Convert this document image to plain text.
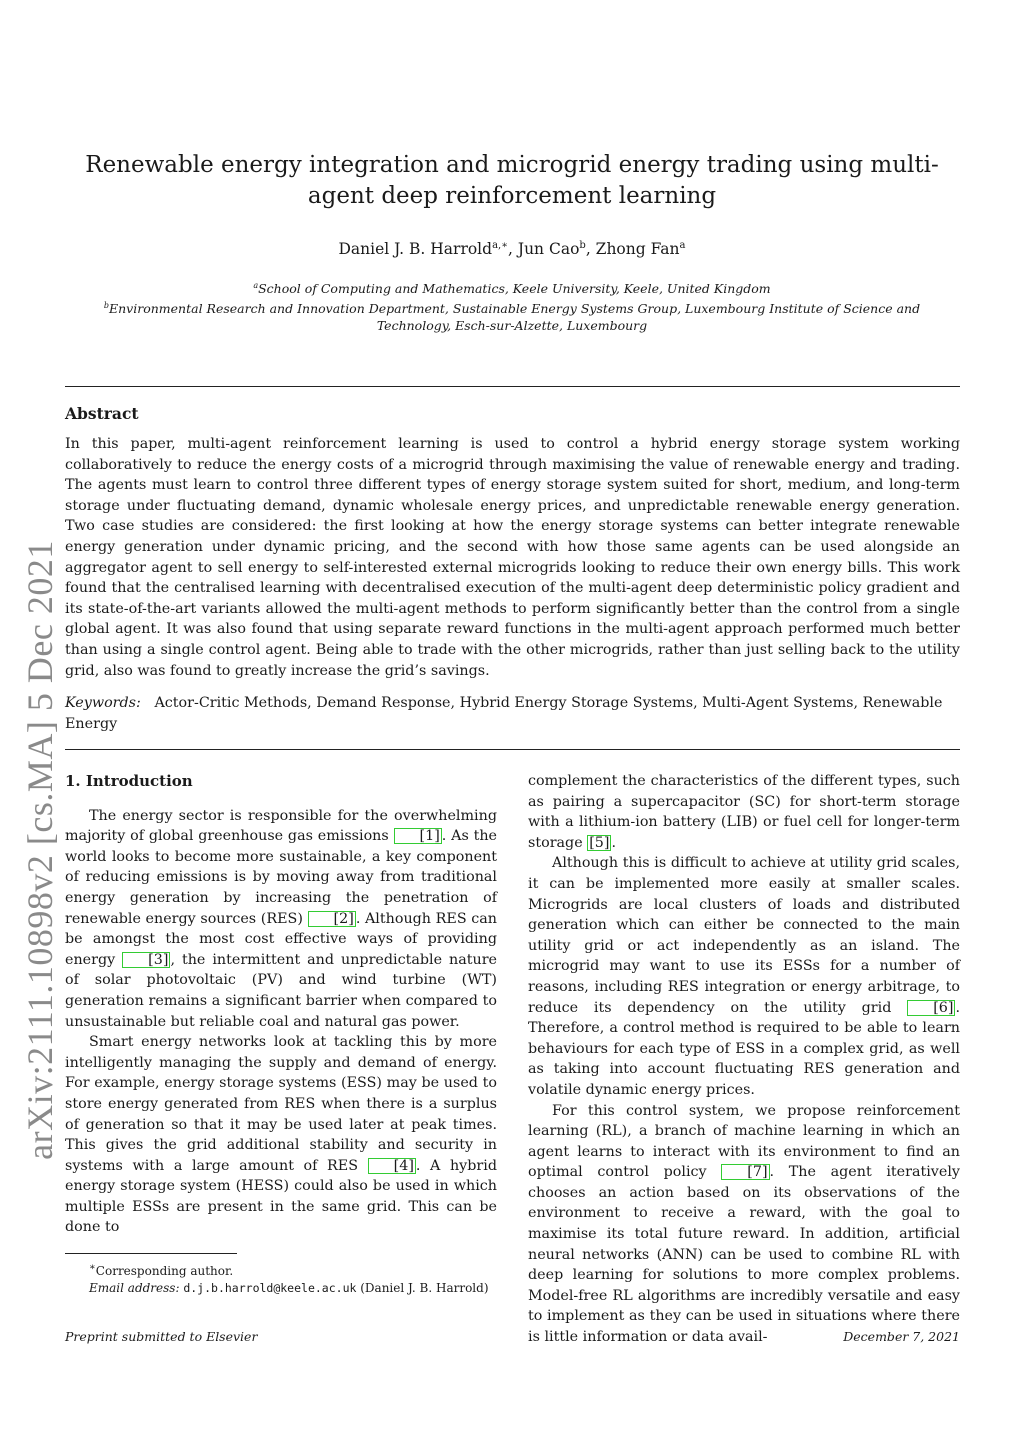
arXiv:2111.10898v2 [cs.MA] 5 Dec 2021
Renewable energy integration and microgrid energy trading using multi-agent deep reinforcement learning
Daniel J. B. Harrold$^{a,∗}$, Jun Cao$^b$, Zhong Fan$^a$
$^a$School of Computing and Mathematics, Keele University, Keele, United Kingdom
$^b$Environmental Research and Innovation Department, Sustainable Energy Systems Group, Luxembourg Institute of Science and Technology, Esch-sur-Alzette, Luxembourg
Abstract

In this paper, multi-agent reinforcement learning is used to control a hybrid energy storage system working collaboratively to reduce the energy costs of a microgrid through maximising the value of renewable energy and trading. The agents must learn to control three different types of energy storage system suited for short, medium, and long-term storage under fluctuating demand, dynamic wholesale energy prices, and unpredictable renewable energy generation. Two case studies are considered: the first looking at how the energy storage systems can better integrate renewable energy generation under dynamic pricing, and the second with how those same agents can be used alongside an aggregator agent to sell energy to self-interested external microgrids looking to reduce their own energy bills. This work found that the centralised learning with decentralised execution of the multi-agent deep deterministic policy gradient and its state-of-the-art variants allowed the multi-agent methods to perform significantly better than the control from a single global agent. It was also found that using separate reward functions in the multi-agent approach performed much better than using a single control agent. Being able to trade with the other microgrids, rather than just selling back to the utility grid, also was found to greatly increase the grid’s savings.

Keywords: Actor-Critic Methods, Demand Response, Hybrid Energy Storage Systems, Multi-Agent Systems, Renewable Energy

1. Introduction

The energy sector is responsible for the overwhelming majority of global greenhouse gas emissions [1] . As the world looks to become more sustainable, a key component of reducing emissions is by moving away from traditional energy generation by increasing the penetration of renewable energy sources (RES) [2] . Although RES can be amongst the most cost effective ways of providing energy [3] , the intermittent and unpredictable nature of solar photovoltaic (PV) and wind turbine (WT) generation remains a significant barrier when compared to unsustainable but reliable coal and natural gas power.

Smart energy networks look at tackling this by more intelligently managing the supply and demand of energy. For example, energy storage systems (ESS) may be used to store energy generated from RES when there is a surplus of generation so that it may be used later at peak times. This gives the grid additional stability and security in systems with a large amount of RES [4] . A hybrid energy storage system (HESS) could also be used in which multiple ESSs are present in the same grid. This can be done to

complement the characteristics of the different types, such as pairing a supercapacitor (SC) for short-term storage with a lithium-ion battery (LIB) or fuel cell for longer-term storage [5] .

Although this is difficult to achieve at utility grid scales, it can be implemented more easily at smaller scales. Microgrids are local clusters of loads and distributed generation which can either be connected to the main utility grid or act independently as an island. The microgrid may want to use its ESSs for a number of reasons, including RES integration or energy arbitrage, to reduce its dependency on the utility grid [6] . Therefore, a control method is required to be able to learn behaviours for each type of ESS in a complex grid, as well as taking into account fluctuating RES generation and volatile dynamic energy prices.

For this control system, we propose reinforcement learning (RL), a branch of machine learning in which an agent learns to interact with its environment to find an optimal control policy [7] . The agent iteratively chooses an action based on its observations of the environment to receive a reward, with the goal to maximise its total future reward. In addition, artificial neural networks (ANN) can be used to combine RL with deep learning for solutions to more complex problems. Model-free RL algorithms are incredibly versatile and easy to implement as they can be used in situations where there is little information or data avail-

∗Corresponding author.

Email address: d.j.b.harrold@keele.ac.uk (Daniel J. B. Harrold)

Preprint submitted to Elsevier	December 7, 2021
